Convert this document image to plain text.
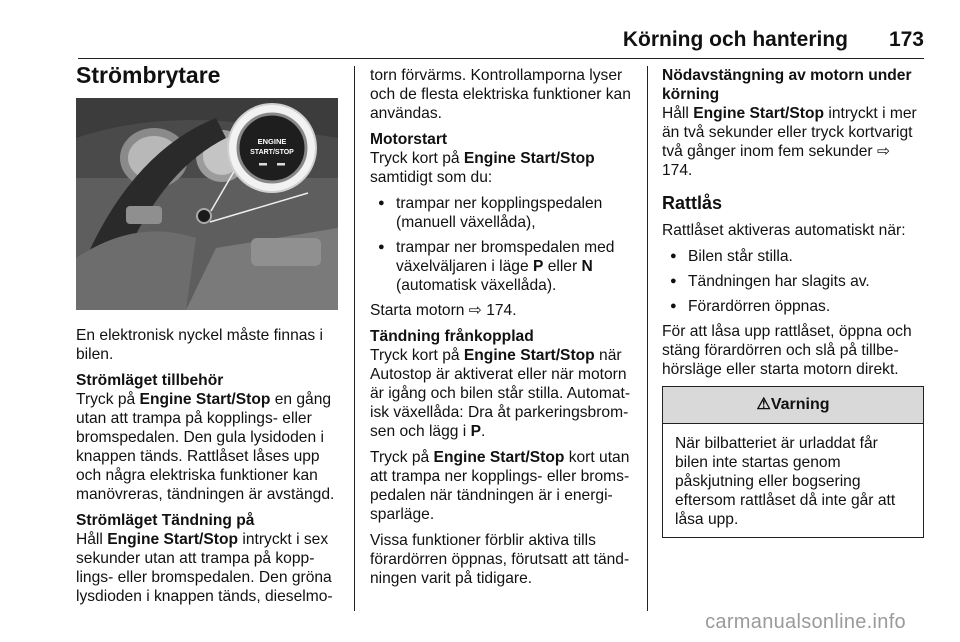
Körning och hantering 173
Strömbrytare
ENGINE
START/STOP

En elektronisk nyckel måste finnas i bilen.

Strömläget tillbehör

Tryck på Engine Start/Stop en gång utan att trampa på kopplings- eller bromspedalen. Den gula lysidoden i knappen tänds. Rattlåset låses upp och några elektriska funktioner kan manövreras, tändningen är avstängd.

Strömläget Tändning på

Håll Engine Start/Stop intryckt i sex sekunder utan att trampa på kopp-lings- eller bromspedalen. Den gröna lysdioden i knappen tänds, dieselmo-

torn förvärms. Kontrollamporna lyser och de flesta elektriska funktioner kan användas.

Motorstart

Tryck kort på Engine Start/Stop samtidigt som du:

● trampar ner kopplingspedalen (manuell växellåda),
● trampar ner bromspedalen med växelväljaren i läge P eller N (automatisk växellåda).

Starta motorn ⇨ 174.

Tändning frånkopplad

Tryck kort på Engine Start/Stop när Autostop är aktiverat eller när motorn är igång och bilen står stilla. Automat-isk växellåda: Dra åt parkeringsbrom-sen och lägg i P.

Tryck på Engine Start/Stop kort utan att trampa ner kopplings- eller broms-pedalen när tändningen är i energi-sparläge.

Vissa funktioner förblir aktiva tills förardörren öppnas, förutsatt att tänd-ningen varit på tidigare.

Nödavstängning av motorn under körning

Håll Engine Start/Stop intryckt i mer än två sekunder eller tryck kortvarigt två gånger inom fem sekunder ⇨ 174.

Rattlås

Rattlåset aktiveras automatiskt när:

● Bilen står stilla.
● Tändningen har slagits av.
● Förardörren öppnas.

För att låsa upp rattlåset, öppna och stäng förardörren och slå på tillbe-hörsläge eller starta motorn direkt.

⚠Varning
När bilbatteriet är urladdat får bilen inte startas genom påskjutning eller bogsering eftersom rattlåset då inte går att låsa upp.
carmanualsonline.info
